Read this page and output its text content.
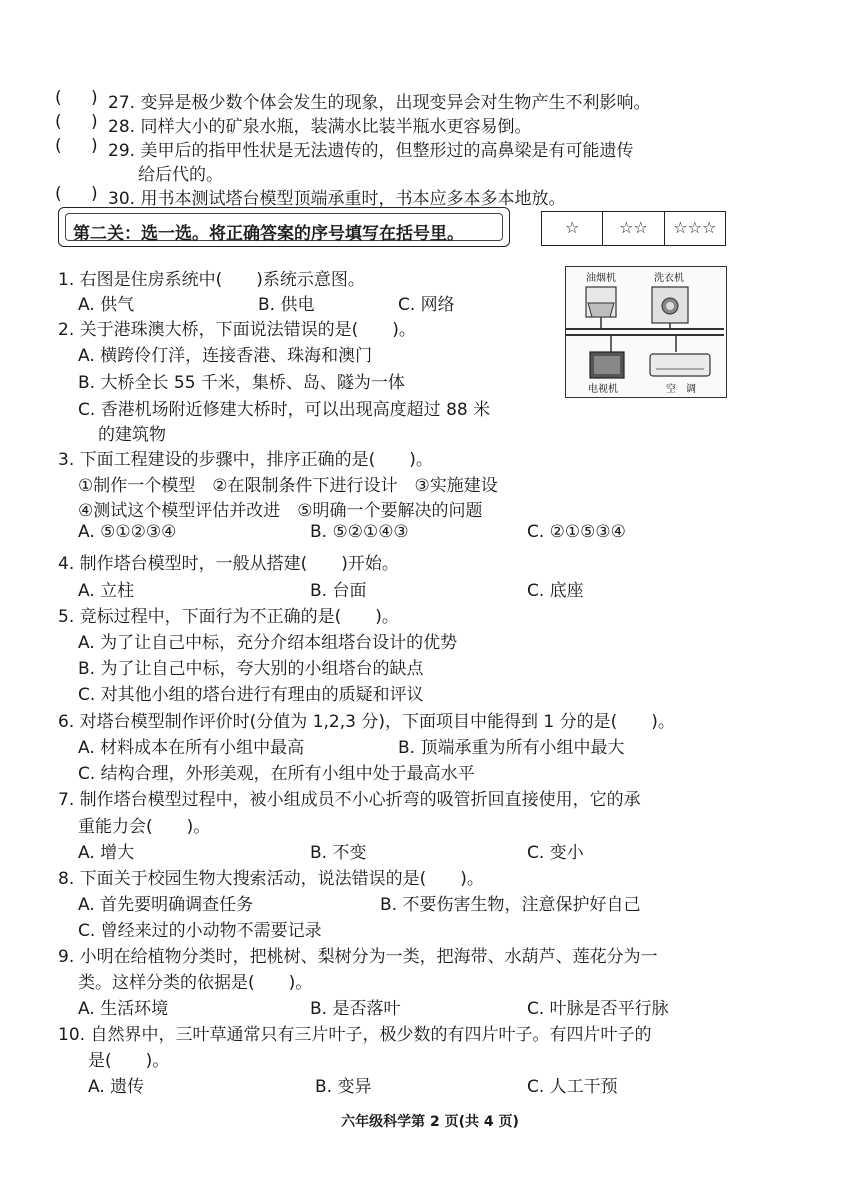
( ) 27. 变异是极少数个体会发生的现象，出现变异会对生物产生不利影响。
( ) 28. 同样大小的矿泉水瓶，装满水比装半瓶水更容易倒。
( ) 29. 美甲后的指甲性状是无法遗传的，但整形过的高鼻梁是有可能遗传
给后代的。
( ) 30. 用书本测试塔台模型顶端承重时，书本应多本多本地放。
第二关：选一选。将正确答案的序号填写在括号里。	☆	☆☆	☆☆☆
油烟机	洗衣机
电视机	空　调
1. 右图是住房系统中(　　)系统示意图。
A. 供气	B. 供电	C. 网络
2. 关于港珠澳大桥，下面说法错误的是(　　)。
A. 横跨伶仃洋，连接香港、珠海和澳门
B. 大桥全长 55 千米，集桥、岛、隧为一体
C. 香港机场附近修建大桥时，可以出现高度超过 88 米
的建筑物
3. 下面工程建设的步骤中，排序正确的是(　　)。
①制作一个模型　②在限制条件下进行设计　③实施建设
④测试这个模型评估并改进　⑤明确一个要解决的问题
A. ⑤①②③④	B. ⑤②①④③	C. ②①⑤③④
4. 制作塔台模型时，一般从搭建(　　)开始。
A. 立柱	B. 台面	C. 底座
5. 竞标过程中，下面行为不正确的是(　　)。
A. 为了让自己中标，充分介绍本组塔台设计的优势
B. 为了让自己中标，夸大别的小组塔台的缺点
C. 对其他小组的塔台进行有理由的质疑和评议
6. 对塔台模型制作评价时(分值为 1,2,3 分)，下面项目中能得到 1 分的是(　　)。
A. 材料成本在所有小组中最高	B. 顶端承重为所有小组中最大
C. 结构合理，外形美观，在所有小组中处于最高水平
7. 制作塔台模型过程中，被小组成员不小心折弯的吸管折回直接使用，它的承
重能力会(　　)。
A. 增大	B. 不变	C. 变小
8. 下面关于校园生物大搜索活动，说法错误的是(　　)。
A. 首先要明确调查任务	B. 不要伤害生物，注意保护好自己
C. 曾经来过的小动物不需要记录
9. 小明在给植物分类时，把桃树、梨树分为一类，把海带、水葫芦、莲花分为一
类。这样分类的依据是(　　)。
A. 生活环境	B. 是否落叶	C. 叶脉是否平行脉
10. 自然界中，三叶草通常只有三片叶子，极少数的有四片叶子。有四片叶子的
是(　　)。
A. 遗传	B. 变异	C. 人工干预
六年级科学第 2 页(共 4 页)
